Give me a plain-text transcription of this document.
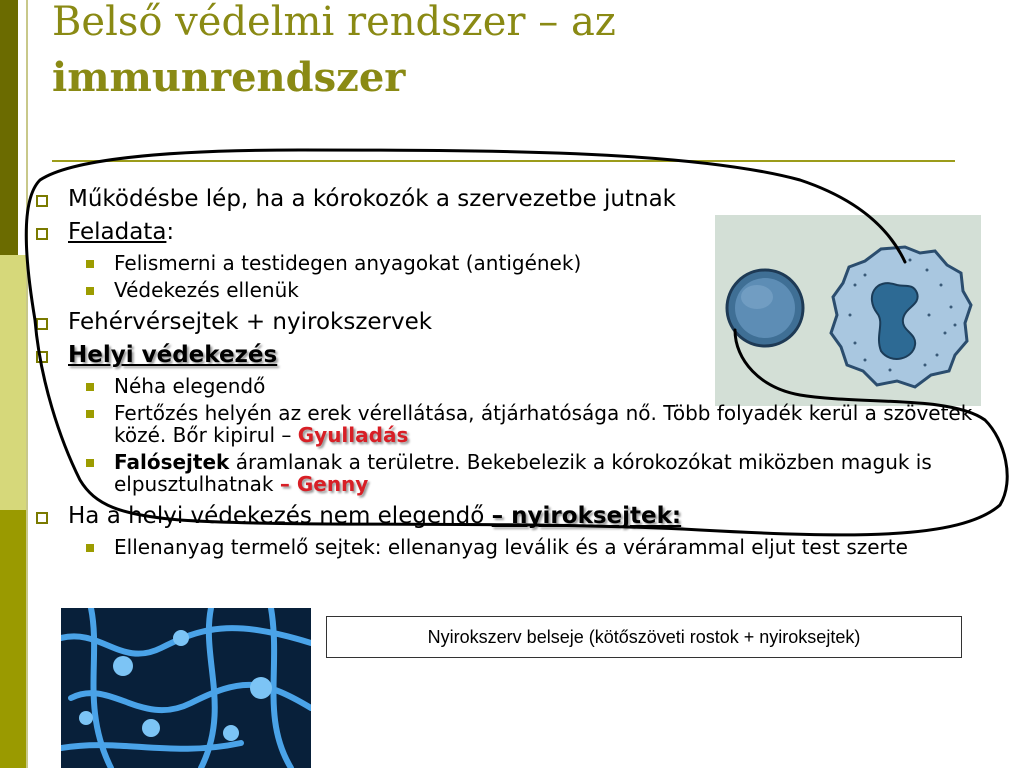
Belső védelmi rendszer – az
immunrendszer
Nyirokszerv belseje (kötőszöveti rostok + nyiroksejtek)
Működésbe lép, ha a kórokozók a szervezetbe jutnak
Feladata:
Felismerni a testidegen anyagokat (antigének)
Védekezés ellenük
Fehérvérsejtek + nyirokszervek
Helyi védekezés
Néha elegendő
Fertőzés helyén az erek vérellátása, átjárhatósága nő. Több folyadék kerül a szövetek közé. Bőr kipirul – Gyulladás
Falósejtek áramlanak a területre. Bekebelezik a kórokozókat miközben maguk is elpusztulhatnak – Genny
Ha a helyi védekezés nem elegendő – nyiroksejtek:
Ellenanyag termelő sejtek: ellenanyag leválik és a vérárammal eljut test szerte
